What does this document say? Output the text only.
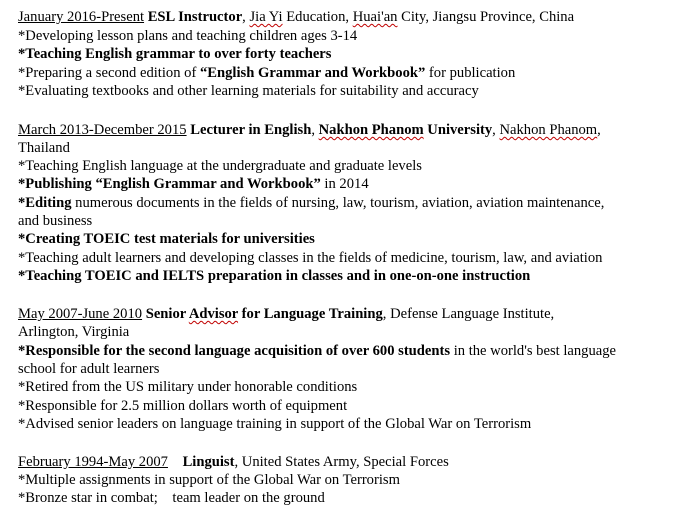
January 2016-Present ESL Instructor, Jia Yi Education, Huai'an City, Jiangsu Province, China
*Developing lesson plans and teaching children ages 3-14
*Teaching English grammar to over forty teachers
*Preparing a second edition of “English Grammar and Workbook” for publication
*Evaluating textbooks and other learning materials for suitability and accuracy
March 2013-December 2015 Lecturer in English, Nakhon Phanom University, Nakhon Phanom,
Thailand
*Teaching English language at the undergraduate and graduate levels
*Publishing “English Grammar and Workbook” in 2014
*Editing numerous documents in the fields of nursing, law, tourism, aviation, aviation maintenance,
and business
*Creating TOEIC test materials for universities
*Teaching adult learners and developing classes in the fields of medicine, tourism, law, and aviation
*Teaching TOEIC and IELTS preparation in classes and in one-on-one instruction
May 2007-June 2010 Senior Advisor for Language Training, Defense Language Institute,
Arlington, Virginia
*Responsible for the second language acquisition of over 600 students in the world's best language
school for adult learners
*Retired from the US military under honorable conditions
*Responsible for 2.5 million dollars worth of equipment
*Advised senior leaders on language training in support of the Global War on Terrorism
February 1994-May 2007 Linguist, United States Army, Special Forces
*Multiple assignments in support of the Global War on Terrorism
*Bronze star in combat;    team leader on the ground
